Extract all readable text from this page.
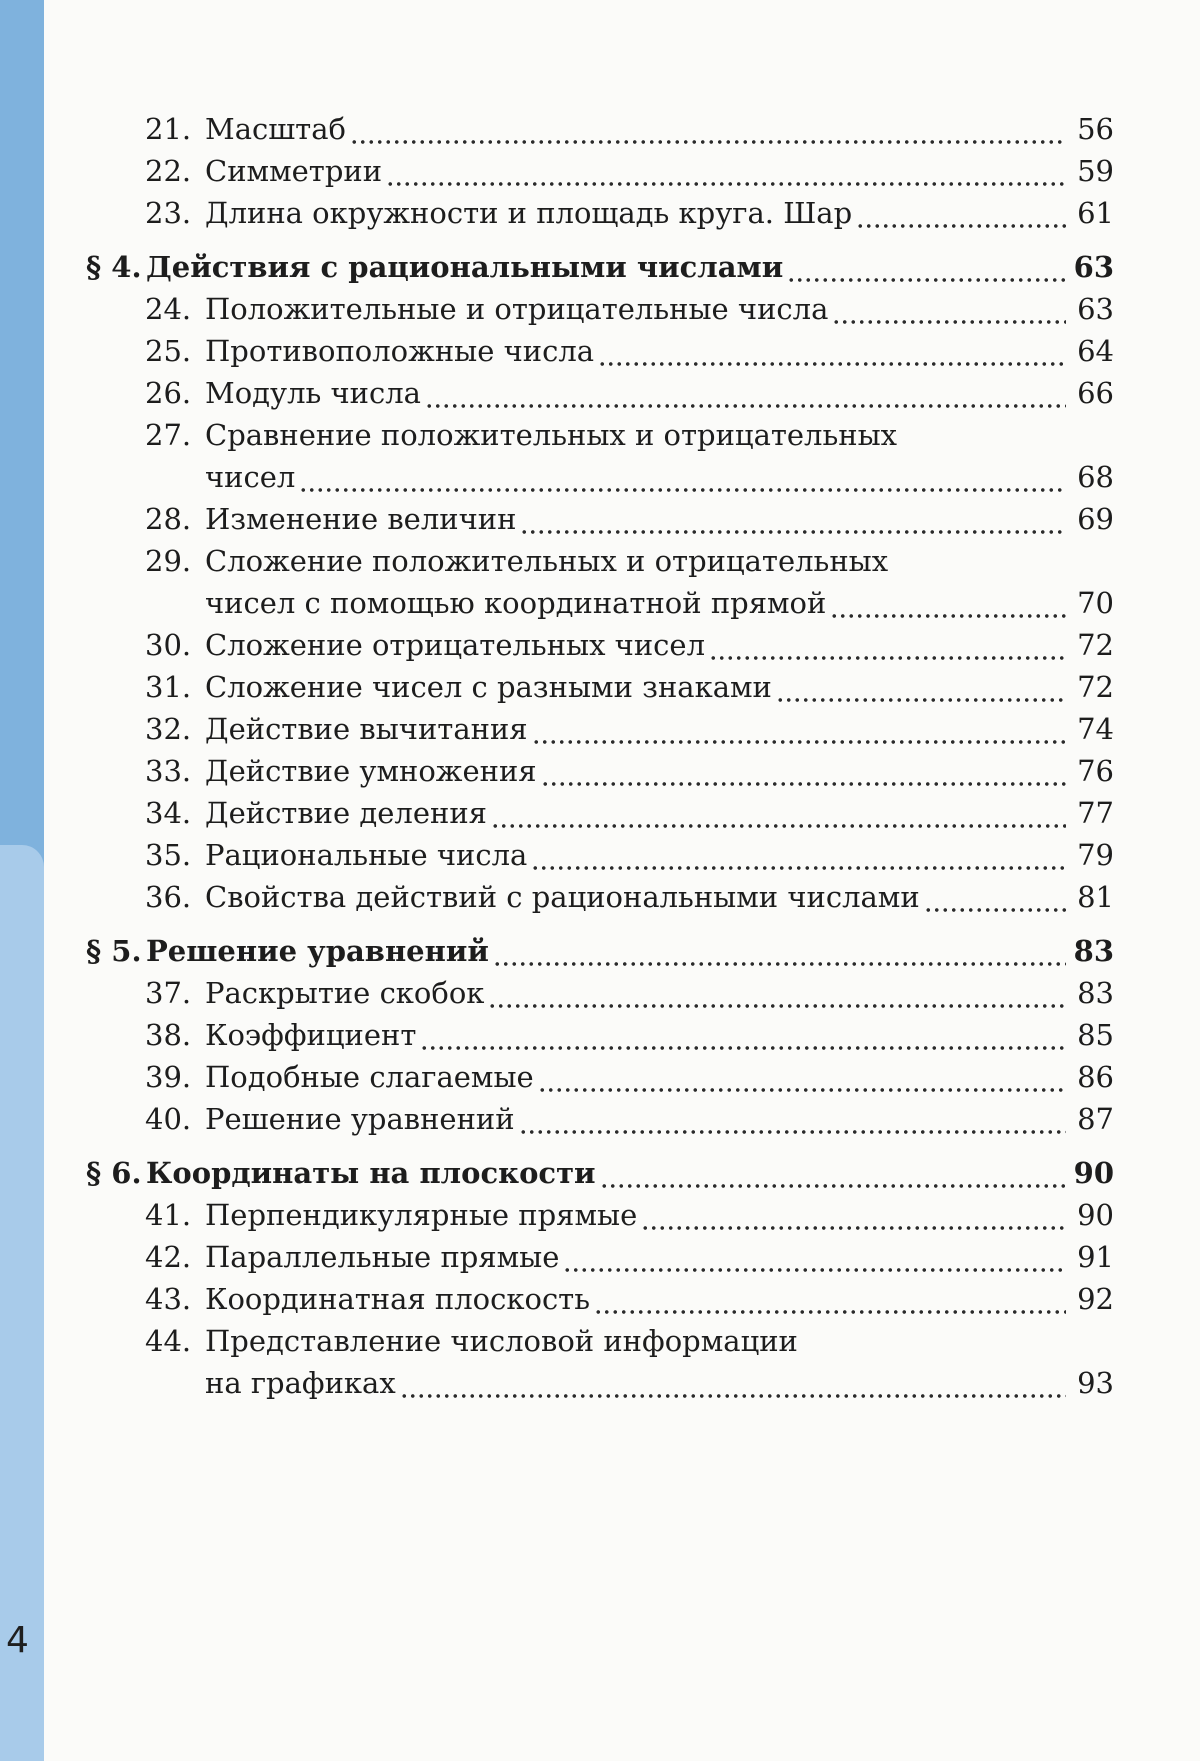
4
21. Масштаб	56
22. Симметрии	59
23. Длина окружности и площадь круга. Шар	61
§ 4. Действия с рациональными числами	63
24. Положительные и отрицательные числа	63
25. Противоположные числа	64
26. Модуль числа	66
27. Сравнение положительных и отрицательных
чисел	68
28. Изменение величин	69
29. Сложение положительных и отрицательных
чисел с помощью координатной прямой	70
30. Сложение отрицательных чисел	72
31. Сложение чисел с разными знаками	72
32. Действие вычитания	74
33. Действие умножения	76
34. Действие деления	77
35. Рациональные числа	79
36. Свойства действий с рациональными числами	81
§ 5. Решение уравнений	83
37. Раскрытие скобок	83
38. Коэффициент	85
39. Подобные слагаемые	86
40. Решение уравнений	87
§ 6. Координаты на плоскости	90
41. Перпендикулярные прямые	90
42. Параллельные прямые	91
43. Координатная плоскость	92
44. Представление числовой информации
на графиках	93
